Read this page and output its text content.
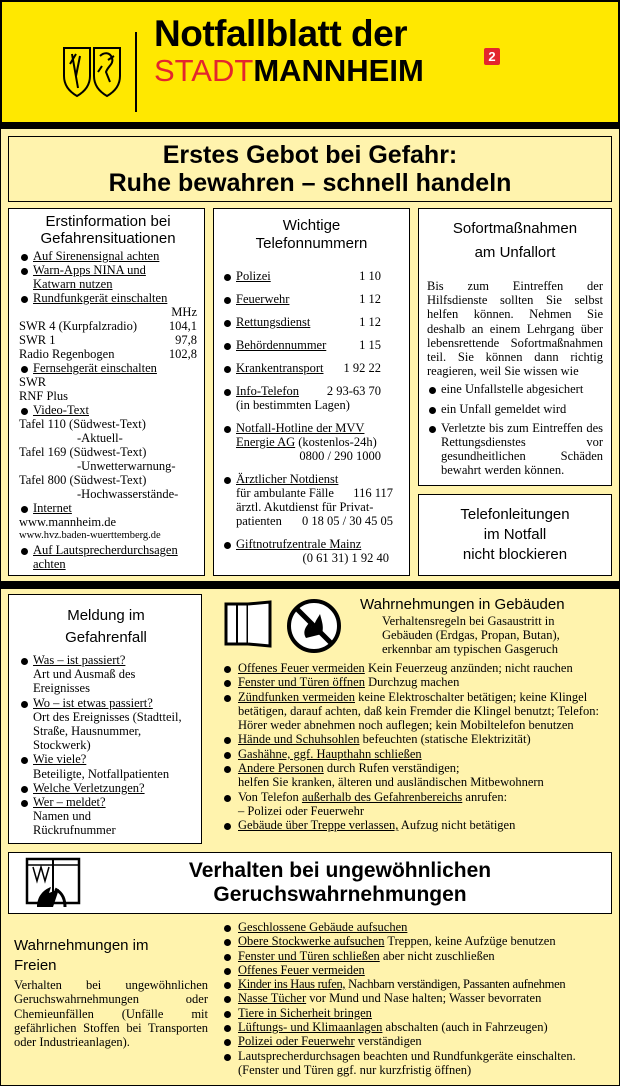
Notfallblatt der
STADTMANNHEIM	2
Erstes Gebot bei Gefahr:
Ruhe bewahren – schnell handeln
Erstinformation bei
Gefahrensituationen
Auf Sirenensignal achten
Warn-Apps NINA und
Katwarn nutzen
Rundfunkgerät einschalten
MHz
SWR 4 (Kurpfalzradio)	104,1
SWR 1	97,8
Radio Regenbogen	102,8
Fernsehgerät einschalten
SWR
RNF Plus
Video-Text
Tafel 110 (Südwest-Text)
-Aktuell-
Tafel 169 (Südwest-Text)
-Unwetterwarnung-
Tafel 800 (Südwest-Text)
-Hochwasserstände-
Internet
www.mannheim.de
www.hvz.baden-wuerttemberg.de
Auf Lautsprecherdurchsagen
achten
Wichtige
Telefonnummern
Polizei	1 10
Feuerwehr	1 12
Rettungsdienst	1 12
Behördennummer	1 15
Krankentransport 1 92 22
Info-Telefon 2 93-63 70
(in bestimmten Lagen)
Notfall-Hotline der MVV
Energie AG (kostenlos-24h)
0800 / 290 1000
Ärztlicher Notdienst
für ambulante Fälle 116 117
ärztl. Akutdienst für Privat-
patienten 0 18 05 / 30 45 05
Giftnotrufzentrale Mainz
(0 61 31) 1 92 40
Sofortmaßnahmen
am Unfallort
Bis zum Eintreffen der Hilfsdienste sollten Sie selbst helfen können. Nehmen Sie deshalb an einem Lehrgang über lebensrettende Sofortmaßnahmen teil. Sie können dann richtig reagieren, weil Sie wissen wie
eine Unfallstelle abgesichert
ein Unfall gemeldet wird
Verletzte bis zum Eintreffen des Rettungsdienstes vor gesundheitlichen Schäden bewahrt werden können.
Telefonleitungen
im Notfall
nicht blockieren
Meldung im
Gefahrenfall
Was – ist passiert?
Art und Ausmaß des Ereignisses
Wo – ist etwas passiert?
Ort des Ereignisses (Stadtteil, Straße, Hausnummer, Stockwerk)
Wie viele?
Beteiligte, Notfallpatienten
Welche Verletzungen?
Wer – meldet?
Namen und Rückrufnummer
Wahrnehmungen in Gebäuden
Verhaltensregeln bei Gasaustritt in Gebäuden (Erdgas, Propan, Butan), erkennbar am typischen Gasgeruch
Offenes Feuer vermeiden Kein Feuerzeug anzünden; nicht rauchen
Fenster und Türen öffnen Durchzug machen
Zündfunken vermeiden keine Elektroschalter betätigen; keine Klingel betätigen, darauf achten, daß kein Fremder die Klingel benutzt; Telefon: Hörer weder abnehmen noch auflegen; kein Mobiltelefon benutzen
Hände und Schuhsohlen befeuchten (statische Elektrizität)
Gashähne, ggf. Haupthahn schließen
Andere Personen durch Rufen verständigen;
helfen Sie kranken, älteren und ausländischen Mitbewohnern
Von Telefon außerhalb des Gefahrenbereichs anrufen:
– Polizei oder Feuerwehr
Gebäude über Treppe verlassen, Aufzug nicht betätigen
Verhalten bei ungewöhnlichen
Geruchswahrnehmungen
Wahrnehmungen im
Freien
Verhalten bei ungewöhnlichen Geruchswahrnehmungen oder Chemieunfällen (Unfälle mit gefährlichen Stoffen bei Transporten oder Industrieanlagen).
Geschlossene Gebäude aufsuchen
Obere Stockwerke aufsuchen Treppen, keine Aufzüge benutzen
Fenster und Türen schließen aber nicht zuschließen
Offenes Feuer vermeiden
Kinder ins Haus rufen, Nachbarn verständigen, Passanten aufnehmen
Nasse Tücher vor Mund und Nase halten; Wasser bevorraten
Tiere in Sicherheit bringen
Lüftungs- und Klimaanlagen abschalten (auch in Fahrzeugen)
Polizei oder Feuerwehr verständigen
Lautsprecherdurchsagen beachten und Rundfunkgeräte einschalten. (Fenster und Türen ggf. nur kurzfristig öffnen)
